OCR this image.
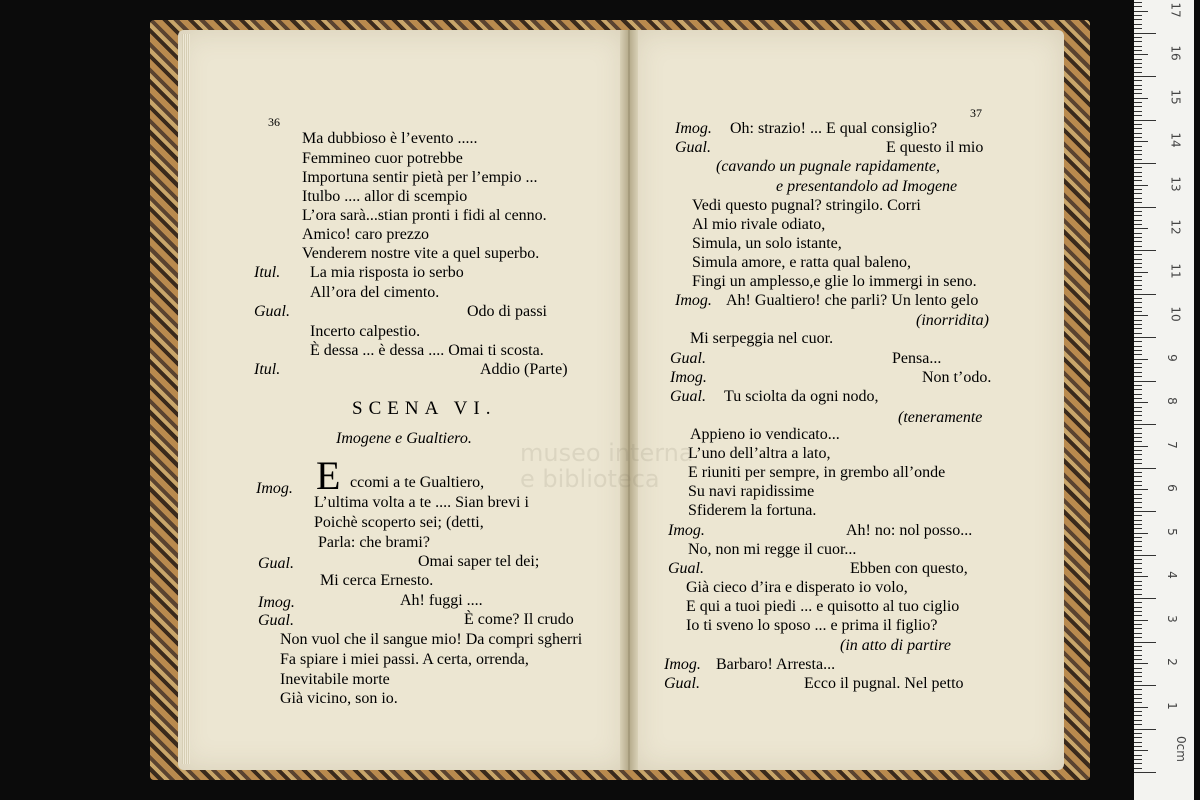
museo interna
e biblioteca
36
Ma dubbioso è l’evento .....
Femmineo cuor potrebbe
Importuna sentir pietà per l’empio ...
Itulbo .... allor di scempio
L’ora sarà...stian pronti i fidi al cenno.
Amico! caro prezzo
Venderem nostre vite a quel superbo.
Itul. La mia risposta io serbo
All’ora del cimento.
Gual.	Odo di passi
Incerto calpestio.
È dessa ... è dessa .... Omai ti scosta.
Itul.	Addio (Parte)
SCENA VI.
Imogene e Gualtiero.
Imog. E ccomi a te Gualtiero,
L’ultima volta a te .... Sian brevi i
Poichè scoperto sei; (detti,
Parla: che brami?
Gual.	Omai saper tel dei;
Mi cerca Ernesto.
Imog.	Ah! fuggi ....
Gual.	È come? Il crudo
Non vuol che il sangue mio! Da compri sgherri
Fa spiare i miei passi. A certa, orrenda,
Inevitabile morte
Già vicino, son io.
37
Imog. Oh: strazio! ... E qual consiglio?
Gual.	E questo il mio
(cavando un pugnale rapidamente,
e presentandolo ad Imogene
Vedi questo pugnal? stringilo. Corri
Al mio rivale odiato,
Simula, un solo istante,
Simula amore, e ratta qual baleno,
Fingi un amplesso,e glie lo immergi in seno.
Imog. Ah! Gualtiero! che parli? Un lento gelo
(inorridita)
Mi serpeggia nel cuor.
Gual.	Pensa...
Imog.	Non t’odo.
Gual. Tu sciolta da ogni nodo,
(teneramente
Appieno io vendicato...
L’uno dell’altra a lato,
E riuniti per sempre, in grembo all’onde
Su navi rapidissime
Sfiderem la fortuna.
Imog.	Ah! no: nol posso...
No, non mi regge il cuor...
Gual.	Ebben con questo,
Già cieco d’ira e disperato io volo,
E qui a tuoi piedi ... e quisotto al tuo ciglio
Io ti sveno lo sposo ... e prima il figlio?
(in atto di partire
Imog. Barbaro! Arresta...
Gual.	Ecco il pugnal. Nel petto
0cm
1
2
3
4
5
6
7
8
9
10
11
12
13
14
15
16
17
